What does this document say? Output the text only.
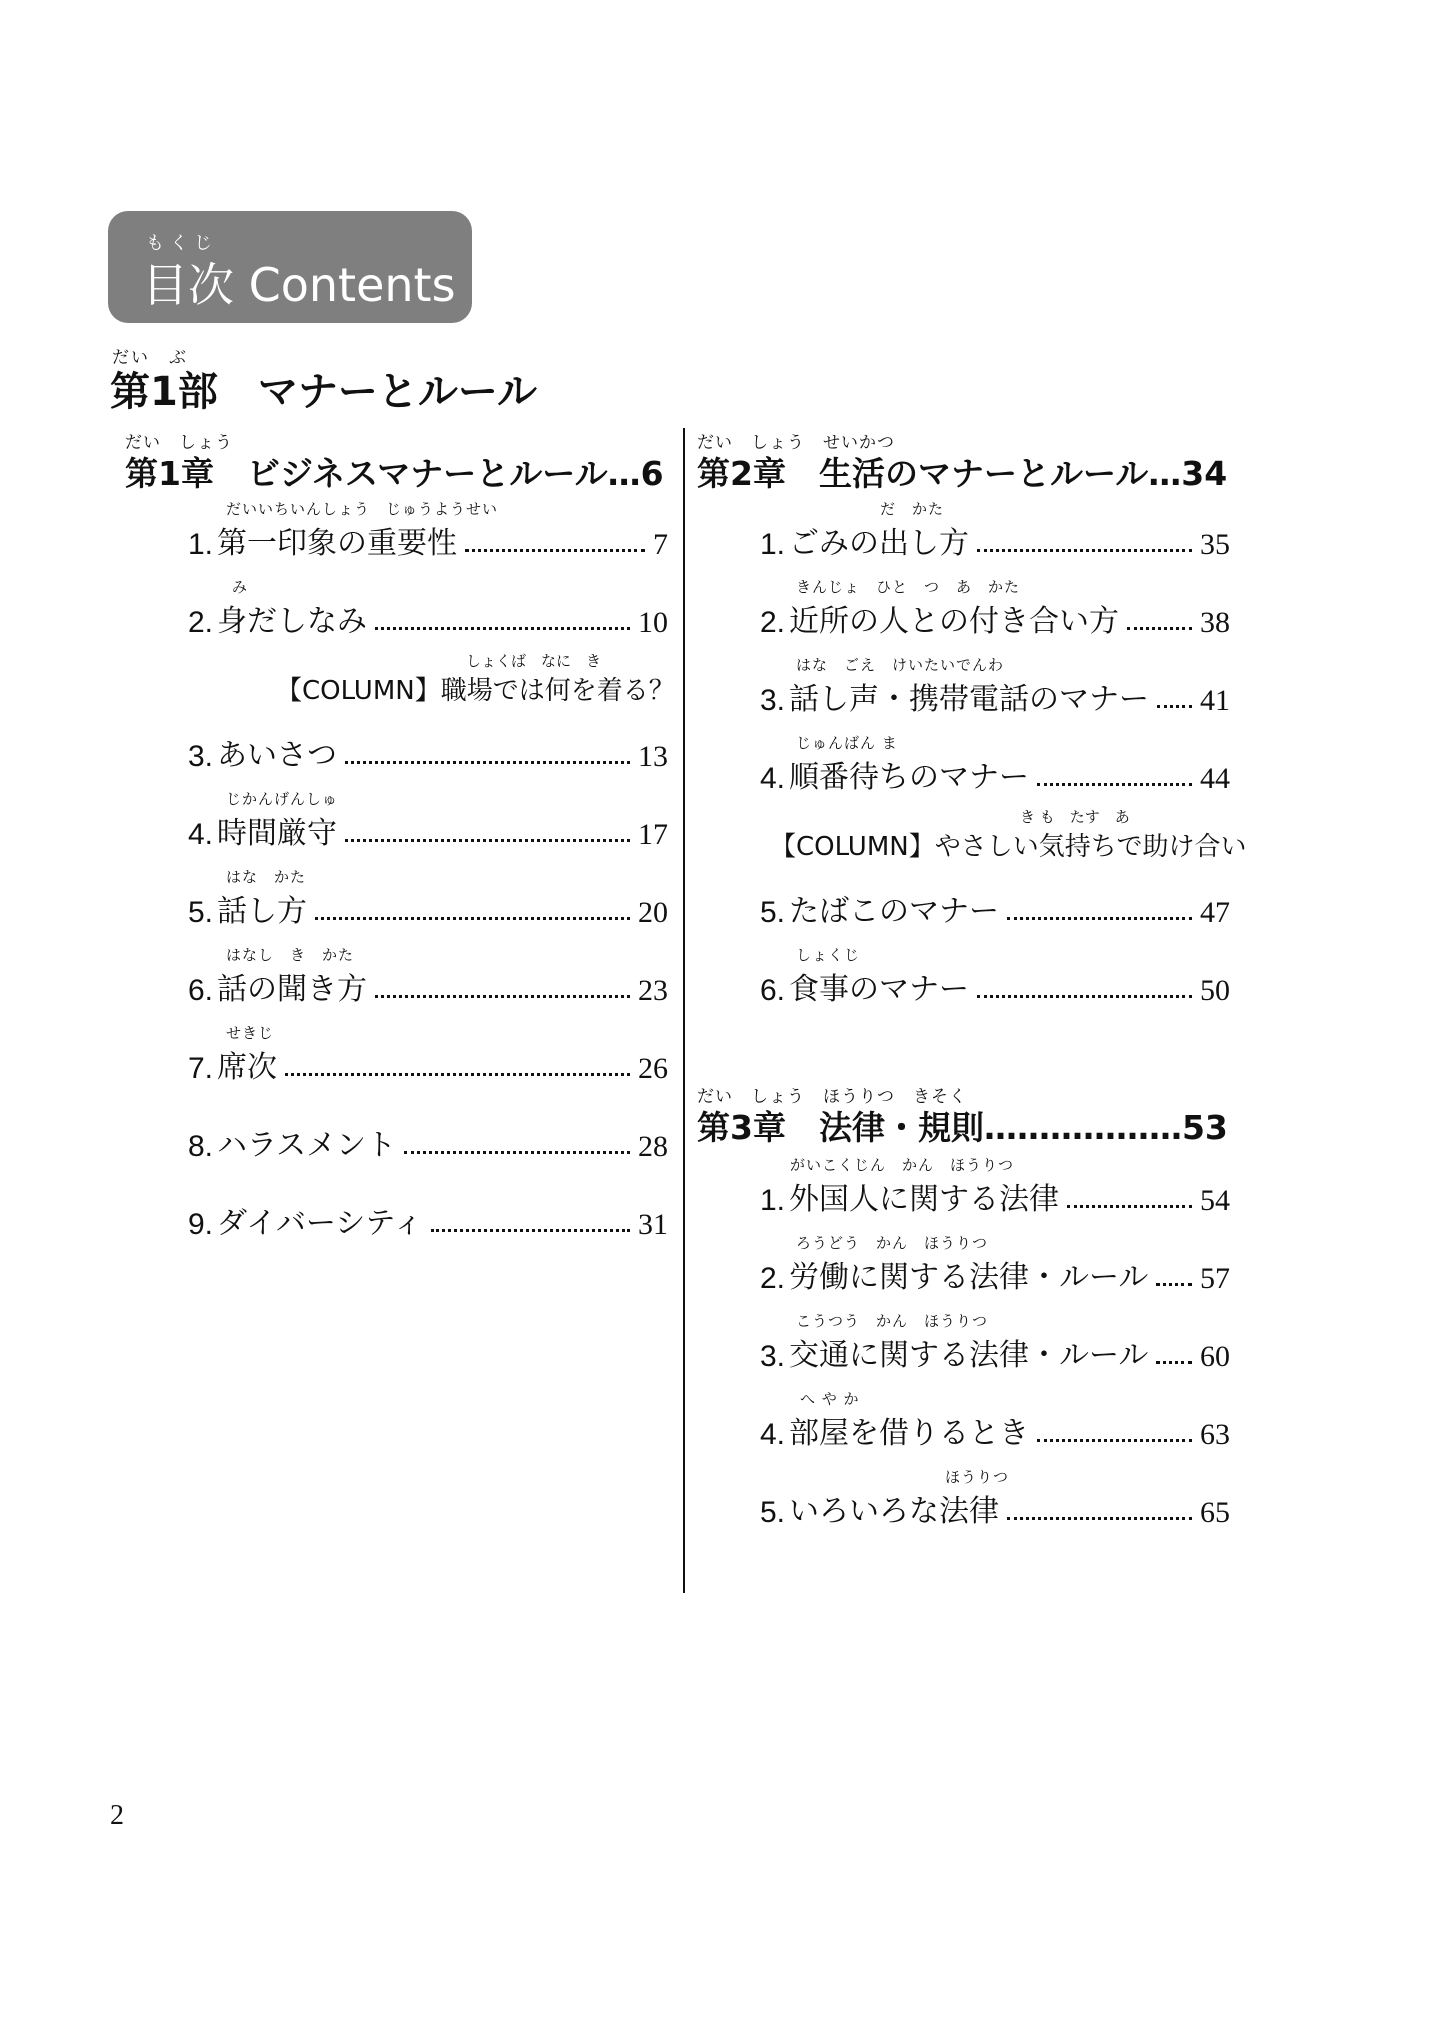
もくじ
目次 Contents
だい　ぶ
第1部　マナーとルール
だい　しょう
第1章　ビジネスマナーとルール…6
だいいちいんしょう　じゅうようせい
1. 第一印象の重要性	7
み
2. 身だしなみ	10
しょくば　なに　き
【COLUMN】職場では何を着る？
3. あいさつ	13
じかんげんしゅ
4. 時間厳守	17
はな　かた
5. 話し方	20
はなし　き　かた
6. 話の聞き方	23
せきじ
7. 席次	26
8. ハラスメント	28
9. ダイバーシティ	31
だい　しょう　せいかつ
第2章　生活のマナーとルール…34
だ　かた
1. ごみの出し方	35
きんじょ　ひと　つ　あ　かた
2. 近所の人との付き合い方	38
はな　ごえ　けいたいでんわ
3. 話し声・携帯電話のマナー 41
じゅんばん ま
4. 順番待ちのマナー	44
き も　たす　あ
【COLUMN】やさしい気持ちで助け合い
5. たばこのマナー	47
しょくじ
6. 食事のマナー	50
だい　しょう　ほうりつ　きそく
第3章　法律・規則………………53
がいこくじん　かん　ほうりつ
1. 外国人に関する法律	54
ろうどう　かん　ほうりつ
2. 労働に関する法律・ルール 57
こうつう　かん　ほうりつ
3. 交通に関する法律・ルール 60
へ や か
4. 部屋を借りるとき	63
ほうりつ
5. いろいろな法律	65
2
